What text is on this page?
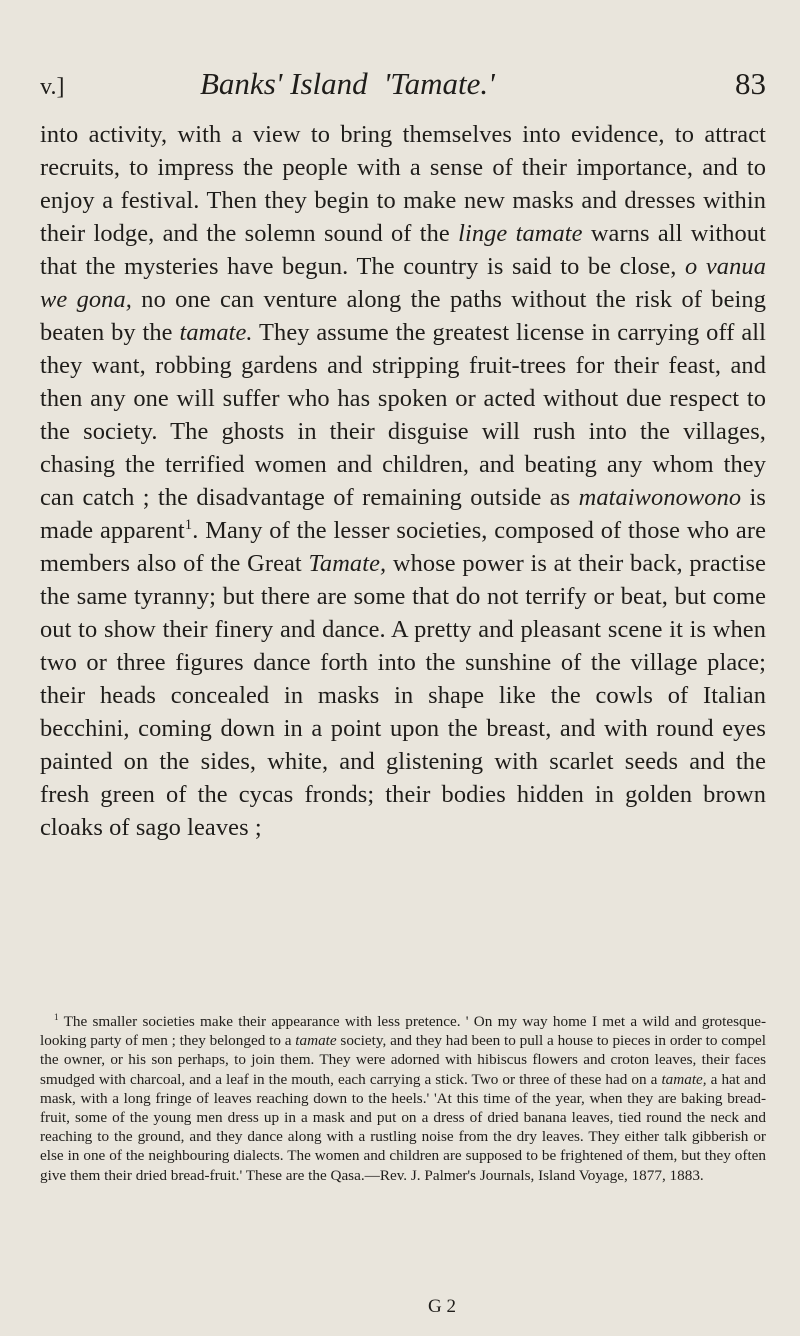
v.]	Banks' Island 'Tamate.'	83

into activity, with a view to bring themselves into evidence, to attract recruits, to impress the people with a sense of their importance, and to enjoy a festival. Then they begin to make new masks and dresses within their lodge, and the solemn sound of the linge tamate warns all without that the mysteries have begun. The country is said to be close, o vanua we gona, no one can venture along the paths without the risk of being beaten by the tamate. They assume the greatest license in carrying off all they want, robbing gardens and stripping fruit-trees for their feast, and then any one will suffer who has spoken or acted without due respect to the society. The ghosts in their disguise will rush into the villages, chasing the terrified women and children, and beating any whom they can catch ; the disadvantage of remaining outside as mataiwonowono is made apparent$^1$. Many of the lesser societies, composed of those who are members also of the Great Tamate, whose power is at their back, practise the same tyranny; but there are some that do not terrify or beat, but come out to show their finery and dance. A pretty and pleasant scene it is when two or three figures dance forth into the sunshine of the village place; their heads concealed in masks in shape like the cowls of Italian becchini, coming down in a point upon the breast, and with round eyes painted on the sides, white, and glistening with scarlet seeds and the fresh green of the cycas fronds; their bodies hidden in golden brown cloaks of sago leaves ;

$^1$ The smaller societies make their appearance with less pretence. ' On my way home I met a wild and grotesque-looking party of men ; they belonged to a tamate society, and they had been to pull a house to pieces in order to compel the owner, or his son perhaps, to join them. They were adorned with hibiscus flowers and croton leaves, their faces smudged with charcoal, and a leaf in the mouth, each carrying a stick. Two or three of these had on a tamate, a hat and mask, with a long fringe of leaves reaching down to the heels.' 'At this time of the year, when they are baking bread-fruit, some of the young men dress up in a mask and put on a dress of dried banana leaves, tied round the neck and reaching to the ground, and they dance along with a rustling noise from the dry leaves. They either talk gibberish or else in one of the neighbouring dialects. The women and children are supposed to be frightened of them, but they often give them their dried bread-fruit.' These are the Qasa.—Rev. J. Palmer's Journals, Island Voyage, 1877, 1883.

G 2
